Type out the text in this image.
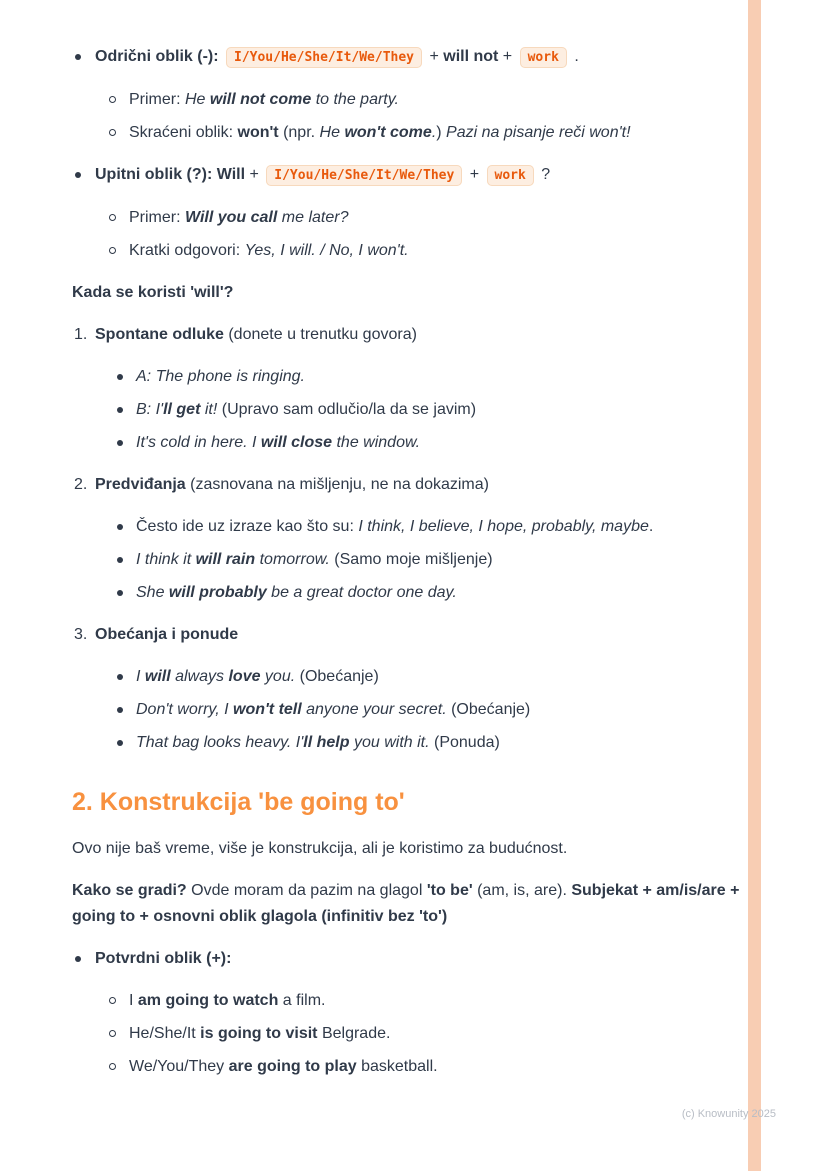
Odrični oblik (-): I/You/He/She/It/We/They + will not + work .
Primer: He will not come to the party.
Skraćeni oblik: won't (npr. He won't come.) Pazi na pisanje reči won't!
Upitni oblik (?): Will + I/You/He/She/It/We/They + work ?
Primer: Will you call me later?
Kratki odgovori: Yes, I will. / No, I won't.
Kada se koristi 'will'?
1. Spontane odluke (donete u trenutku govora)
A: The phone is ringing.
B: I'll get it! (Upravo sam odlučio/la da se javim)
It's cold in here. I will close the window.
2. Predviđanja (zasnovana na mišljenju, ne na dokazima)
Često ide uz izraze kao što su: I think, I believe, I hope, probably, maybe.
I think it will rain tomorrow. (Samo moje mišljenje)
She will probably be a great doctor one day.
3. Obećanja i ponude
I will always love you. (Obećanje)
Don't worry, I won't tell anyone your secret. (Obećanje)
That bag looks heavy. I'll help you with it. (Ponuda)
2. Konstrukcija 'be going to'
Ovo nije baš vreme, više je konstrukcija, ali je koristimo za budućnost.
Kako se gradi? Ovde moram da pazim na glagol 'to be' (am, is, are). Subjekat + am/is/are + going to + osnovni oblik glagola (infinitiv bez 'to')
Potvrdni oblik (+):
I am going to watch a film.
He/She/It is going to visit Belgrade.
We/You/They are going to play basketball.
(c) Knowunity 2025
